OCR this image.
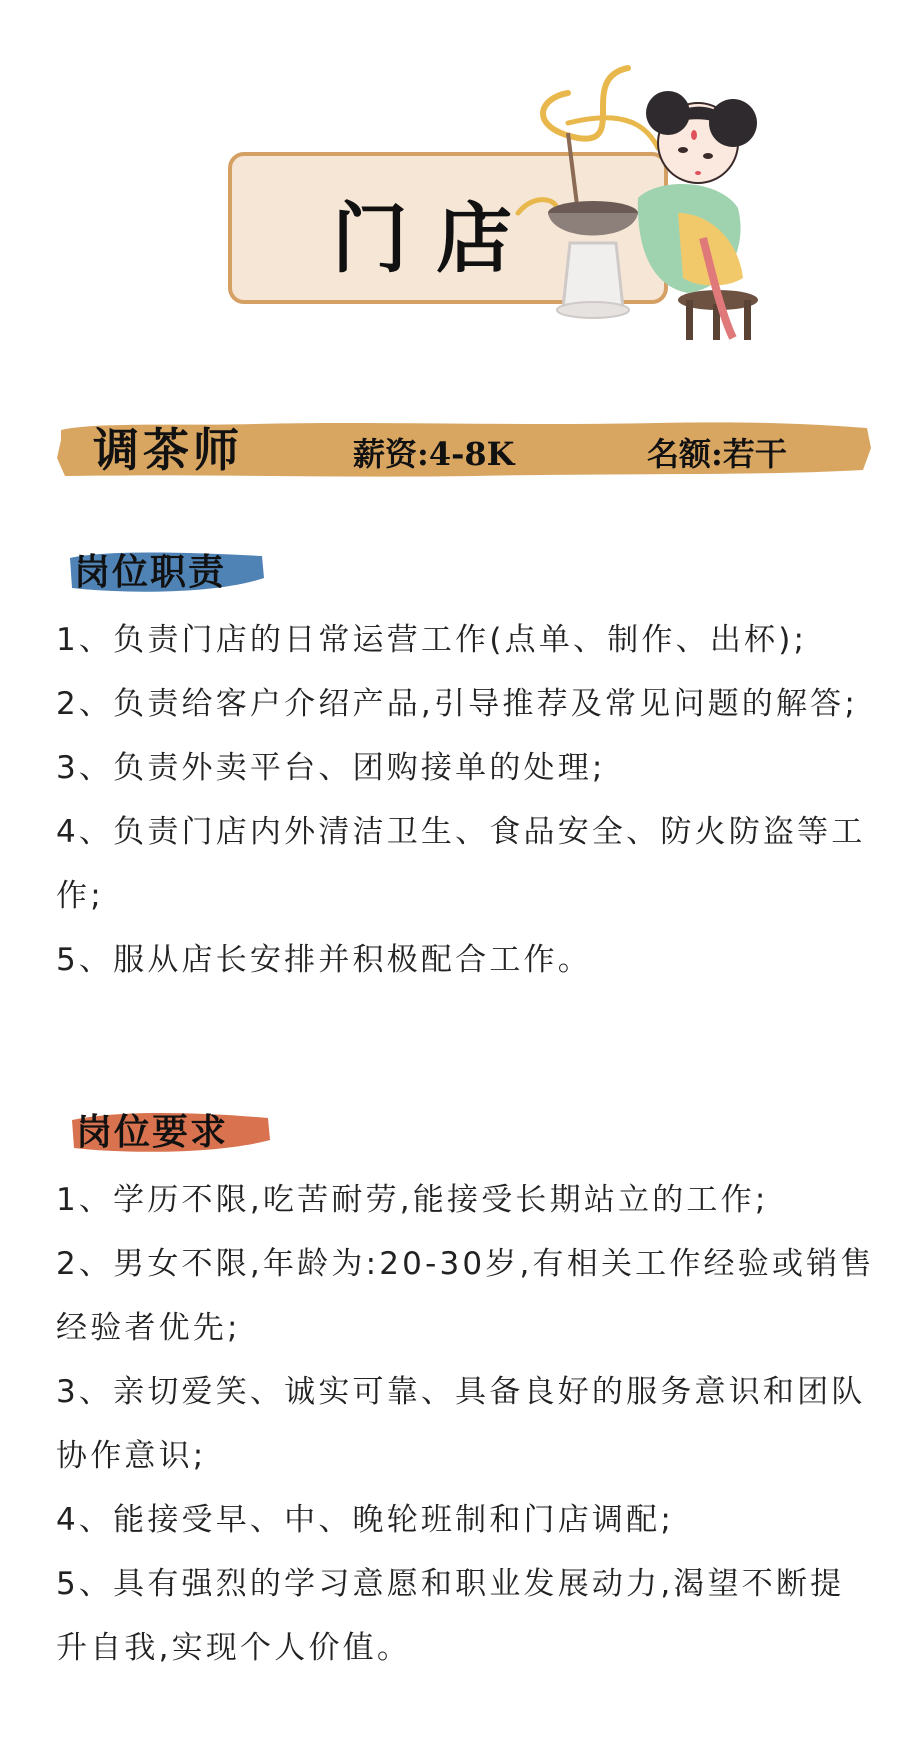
门店
调茶师	薪资:4-8K	名额:若干
岗位职责
1、负责门店的日常运营工作(点单、制作、出杯);
2、负责给客户介绍产品,引导推荐及常见问题的解答;
3、负责外卖平台、团购接单的处理;
4、负责门店内外清洁卫生、食品安全、防火防盗等工作;
5、服从店长安排并积极配合工作。
岗位要求
1、学历不限,吃苦耐劳,能接受长期站立的工作;
2、男女不限,年龄为:20-30岁,有相关工作经验或销售经验者优先;
3、亲切爱笑、诚实可靠、具备良好的服务意识和团队协作意识;
4、能接受早、中、晚轮班制和门店调配;
5、具有强烈的学习意愿和职业发展动力,渴望不断提升自我,实现个人价值。
